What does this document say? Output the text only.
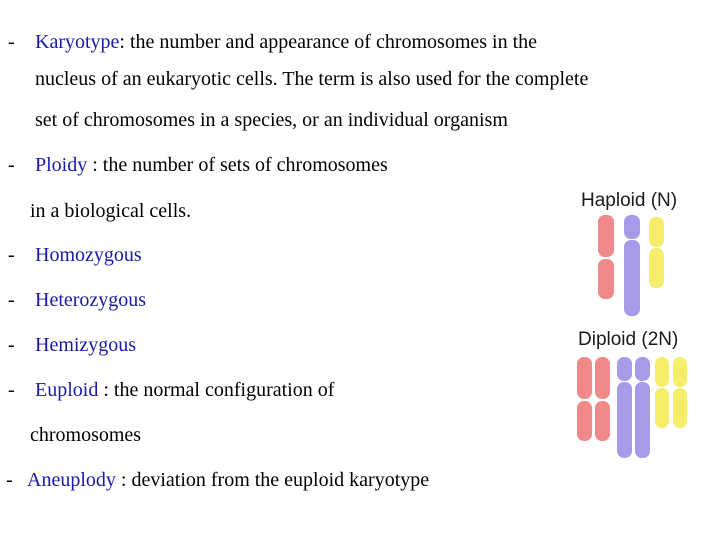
- Karyotype: the number and appearance of chromosomes in the
nucleus of an eukaryotic cells. The term is also used for the complete
set of chromosomes in a species, or an individual organism
- Ploidy : the number of sets of chromosomes
in a biological cells.
- Homozygous
- Heterozygous
- Hemizygous
- Euploid : the normal configuration of
chromosomes
- Aneuplody : deviation from the euploid karyotype
Haploid (N)
Diploid (2N)
